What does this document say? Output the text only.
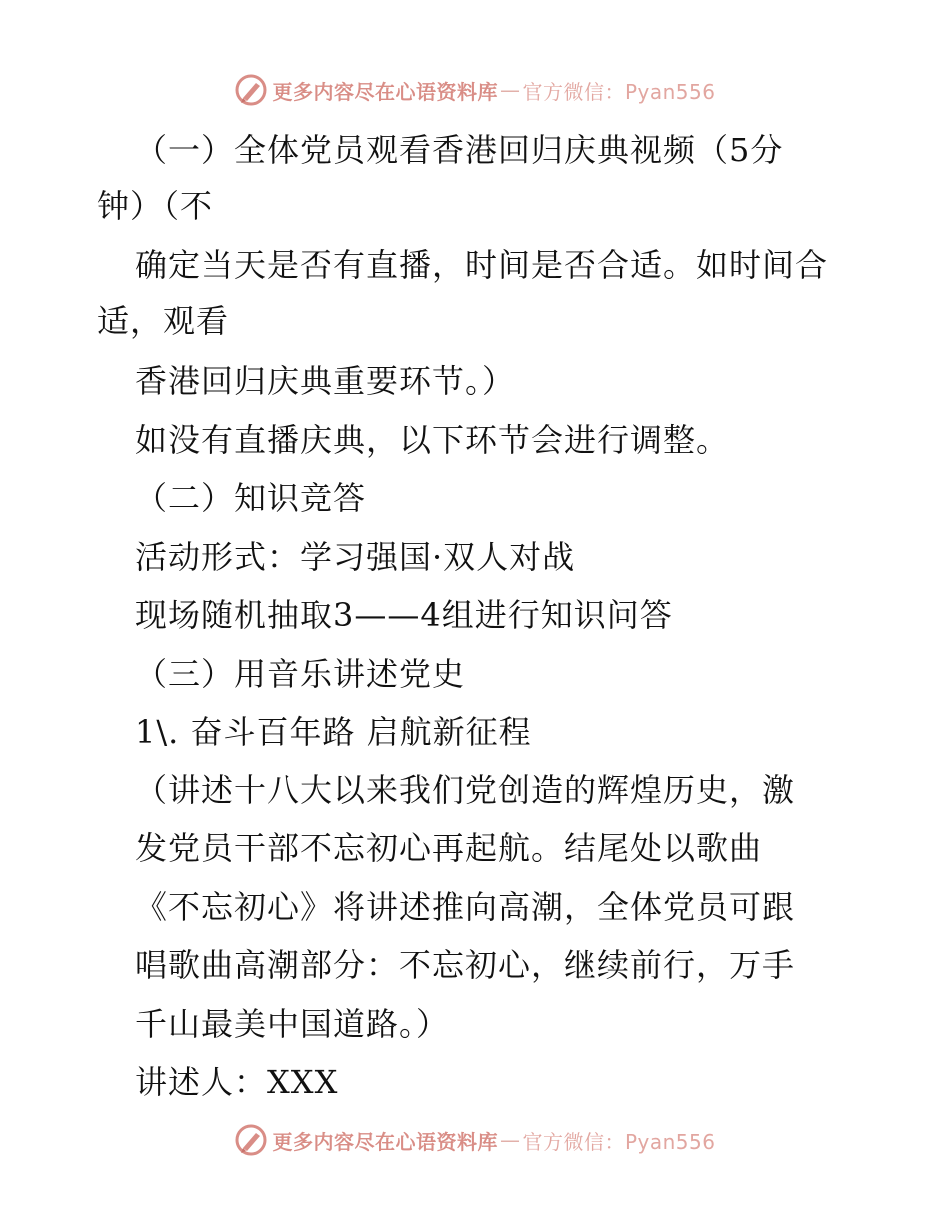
更多内容尽在心语资料库 — 官方微信：Pyan556
（一）全体党员观看香港回归庆典视频（5分
钟）（不
确定当天是否有直播，时间是否合适。如时间合
适，观看
香港回归庆典重要环节。）
如没有直播庆典，以下环节会进行调整。
（二）知识竞答
活动形式：学习强国·双人对战
现场随机抽取3——4组进行知识问答
（三）用音乐讲述党史
1\. 奋斗百年路 启航新征程
（讲述十八大以来我们党创造的辉煌历史，激
发党员干部不忘初心再起航。结尾处以歌曲
《不忘初心》将讲述推向高潮，全体党员可跟
唱歌曲高潮部分：不忘初心，继续前行，万手
千山最美中国道路。）
讲述人：XXX
更多内容尽在心语资料库 — 官方微信：Pyan556
